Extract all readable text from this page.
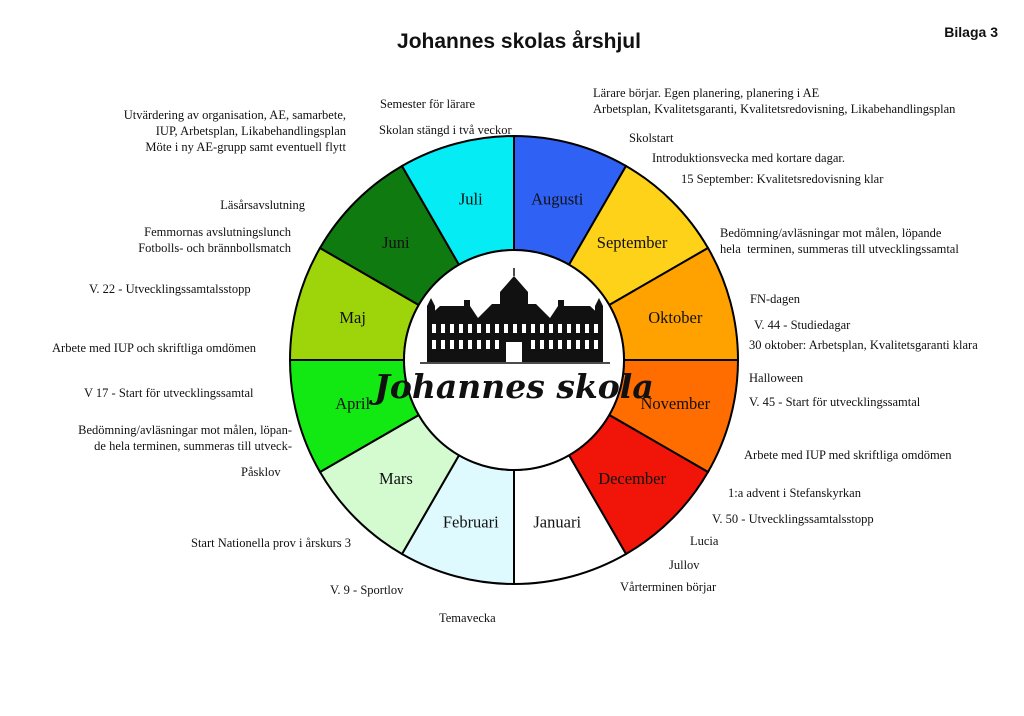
Johannes skolas årshjul	Bilaga 3
Augusti
September
Oktober
November
December
Januari
Februari
Mars
April
Maj
Juni
Juli
Johannes skola
Semester för lärare
Skolan stängd i två veckor
Utvärdering av organisation, AE, samarbete,
IUP, Arbetsplan, Likabehandlingsplan
Möte i ny AE-grupp samt eventuell flytt
Läsårsavslutning
Femmornas avslutningslunch
Fotbolls- och brännbollsmatch
V. 22 - Utvecklingssamtalsstopp
Arbete med IUP och skriftliga omdömen
V 17 - Start för utvecklingssamtal
Bedömning/avläsningar mot målen, löpan-
de hela terminen, summeras till utveck-
Påsklov
Start Nationella prov i årskurs 3
V. 9 - Sportlov
Temavecka
Lärare börjar. Egen planering, planering i AE
Arbetsplan, Kvalitetsgaranti, Kvalitetsredovisning, Likabehandlingsplan
Skolstart
Introduktionsvecka med kortare dagar.
15 September: Kvalitetsredovisning klar
Bedömning/avläsningar mot målen, löpande
hela  terminen, summeras till utvecklingssamtal
FN-dagen
V. 44 - Studiedagar
30 oktober: Arbetsplan, Kvalitetsgaranti klara
Halloween
V. 45 - Start för utvecklingssamtal
Arbete med IUP med skriftliga omdömen
1:a advent i Stefanskyrkan
V. 50 - Utvecklingssamtalsstopp
Lucia
Jullov
Vårterminen börjar
